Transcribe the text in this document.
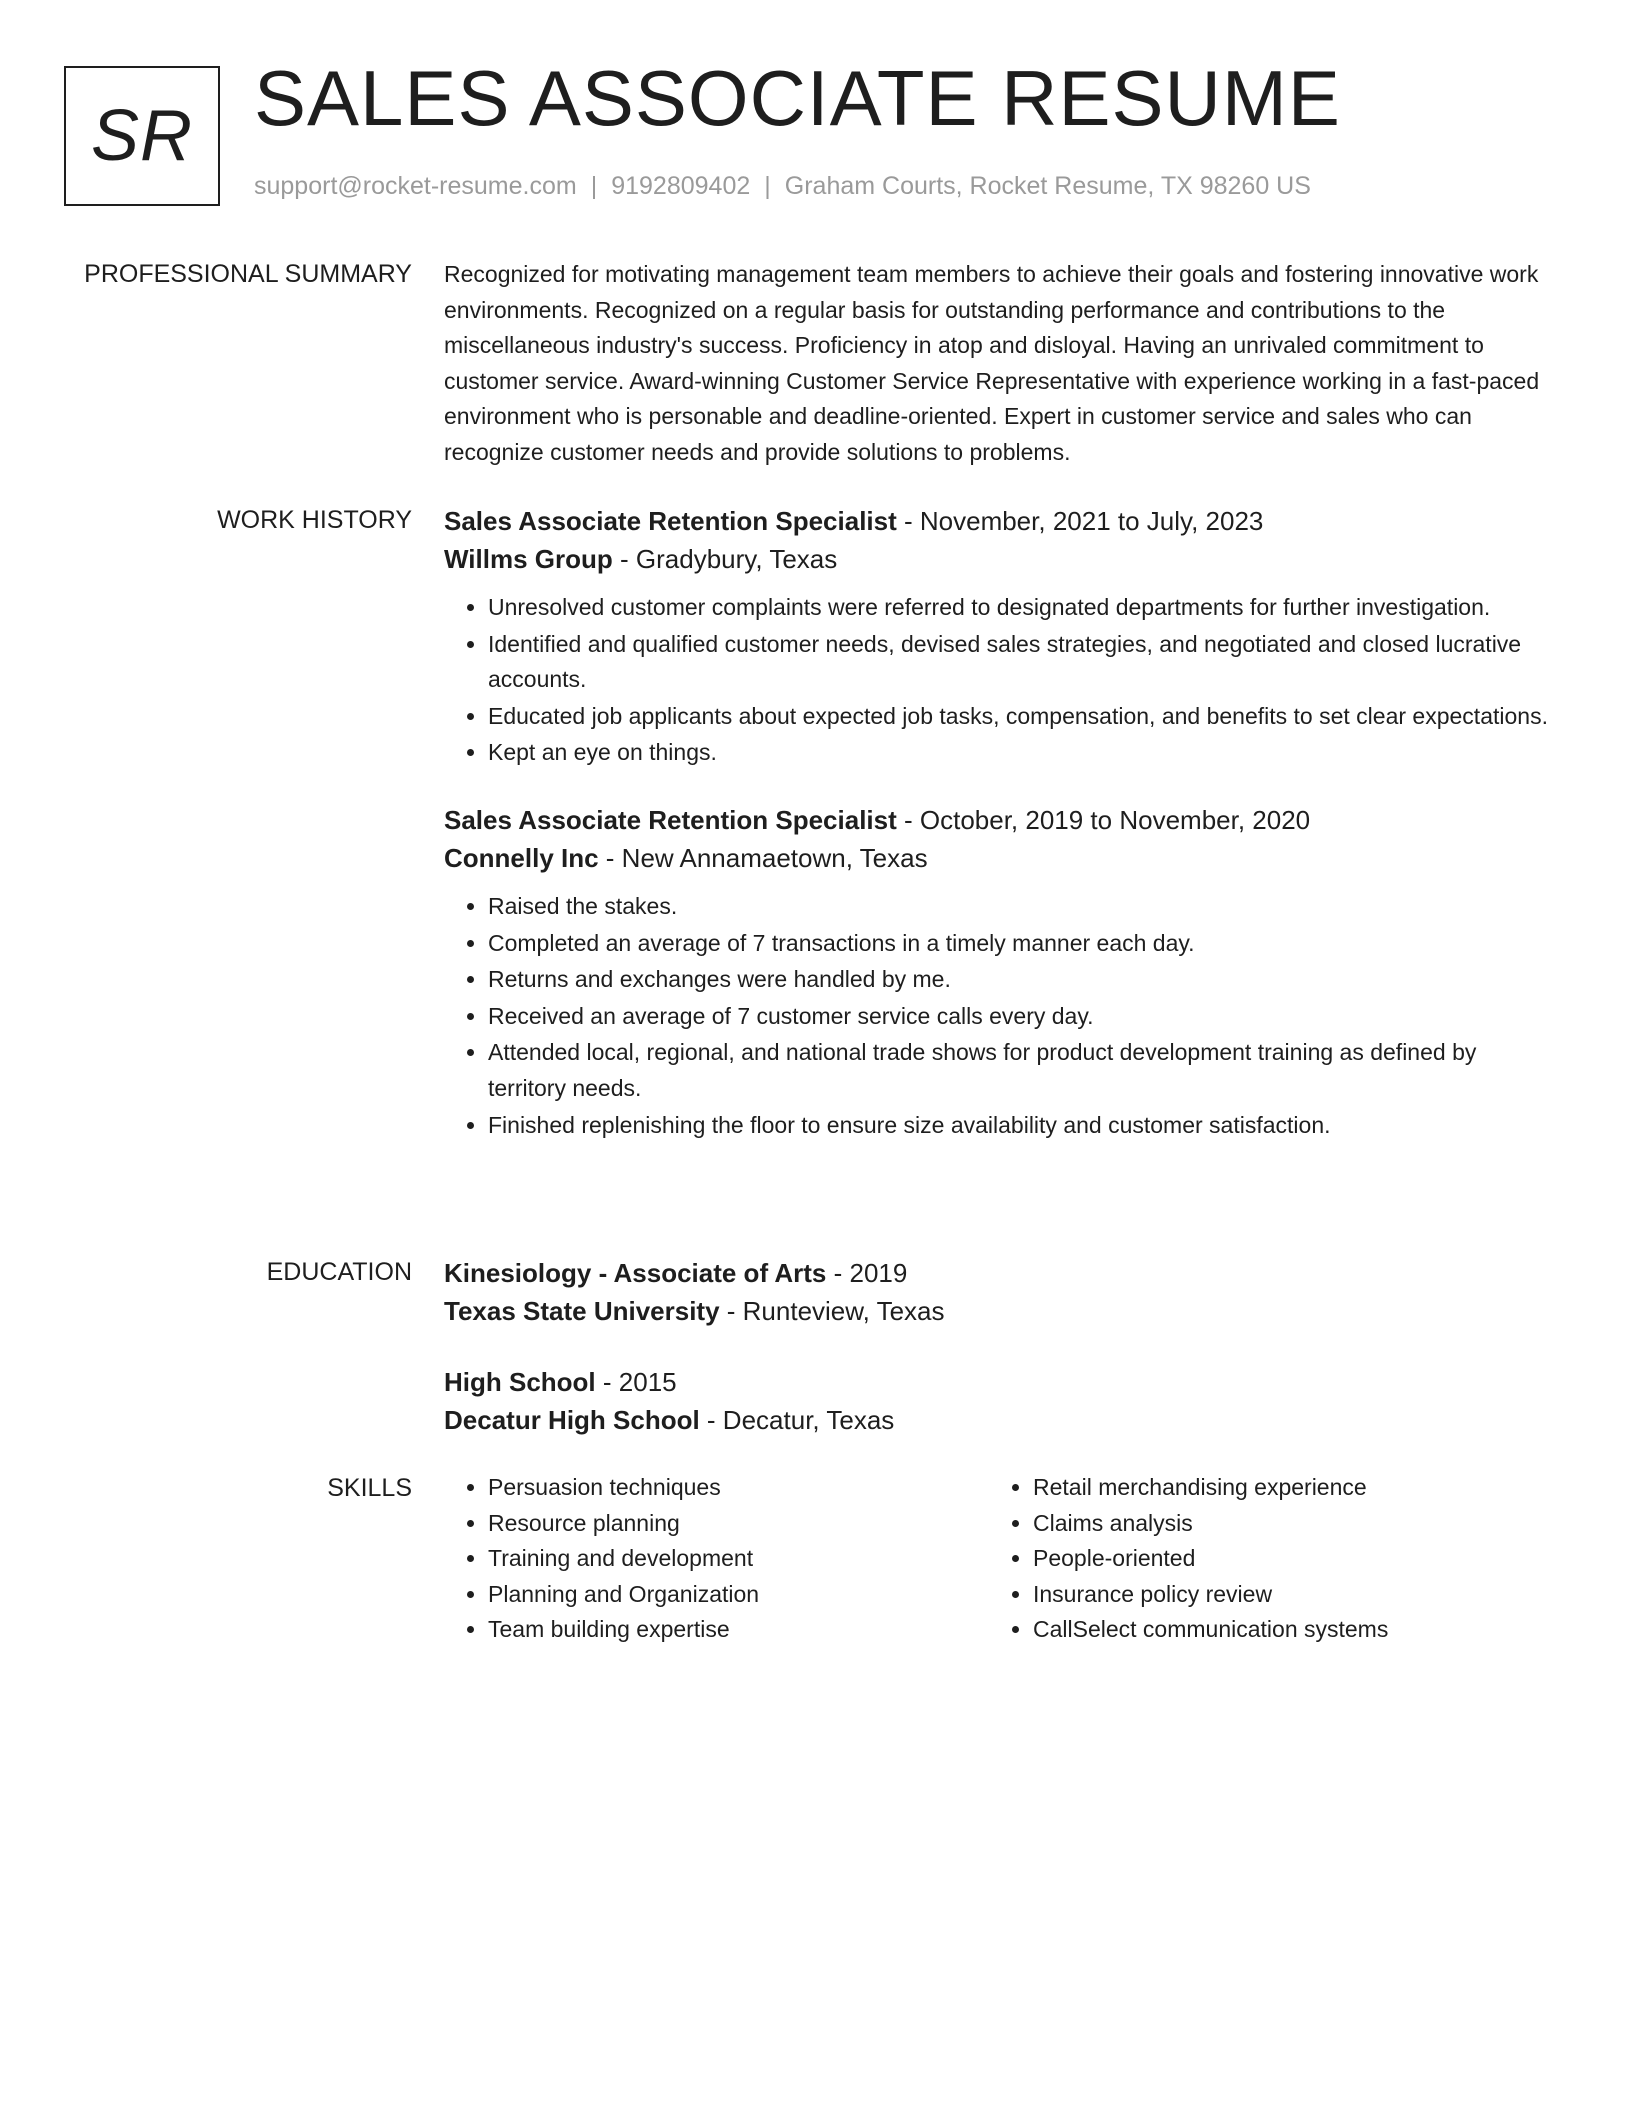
SR SALES ASSOCIATE RESUME
support@rocket-resume.com | 9192809402 | Graham Courts, Rocket Resume, TX 98260 US
PROFESSIONAL SUMMARY Recognized for motivating management team members to achieve their goals and fostering innovative work environments. Recognized on a regular basis for outstanding performance and contributions to the miscellaneous industry's success. Proficiency in atop and disloyal. Having an unrivaled commitment to customer service. Award-winning Customer Service Representative with experience working in a fast-paced environment who is personable and deadline-oriented. Expert in customer service and sales who can recognize customer needs and provide solutions to problems.

WORK HISTORY Sales Associate Retention Specialist - November, 2021 to July, 2023

Willms Group - Gradybury, Texas

• Unresolved customer complaints were referred to designated departments for further investigation.
• Identified and qualified customer needs, devised sales strategies, and negotiated and closed lucrative accounts.
• Educated job applicants about expected job tasks, compensation, and benefits to set clear expectations.
• Kept an eye on things.

Sales Associate Retention Specialist - October, 2019 to November, 2020

Connelly Inc - New Annamaetown, Texas

• Raised the stakes.
• Completed an average of 7 transactions in a timely manner each day.
• Returns and exchanges were handled by me.
• Received an average of 7 customer service calls every day.
• Attended local, regional, and national trade shows for product development training as defined by territory needs.
• Finished replenishing the floor to ensure size availability and customer satisfaction.
EDUCATION Kinesiology - Associate of Arts - 2019

Texas State University - Runteview, Texas

High School - 2015

Decatur High School - Decatur, Texas

SKILLS
•	Persuasion techniques
• Resource planning
• Training and development
• Planning and Organization
• Team building expertise
• Retail merchandising experience
• Claims analysis
• People-oriented
• Insurance policy review
• CallSelect communication systems
